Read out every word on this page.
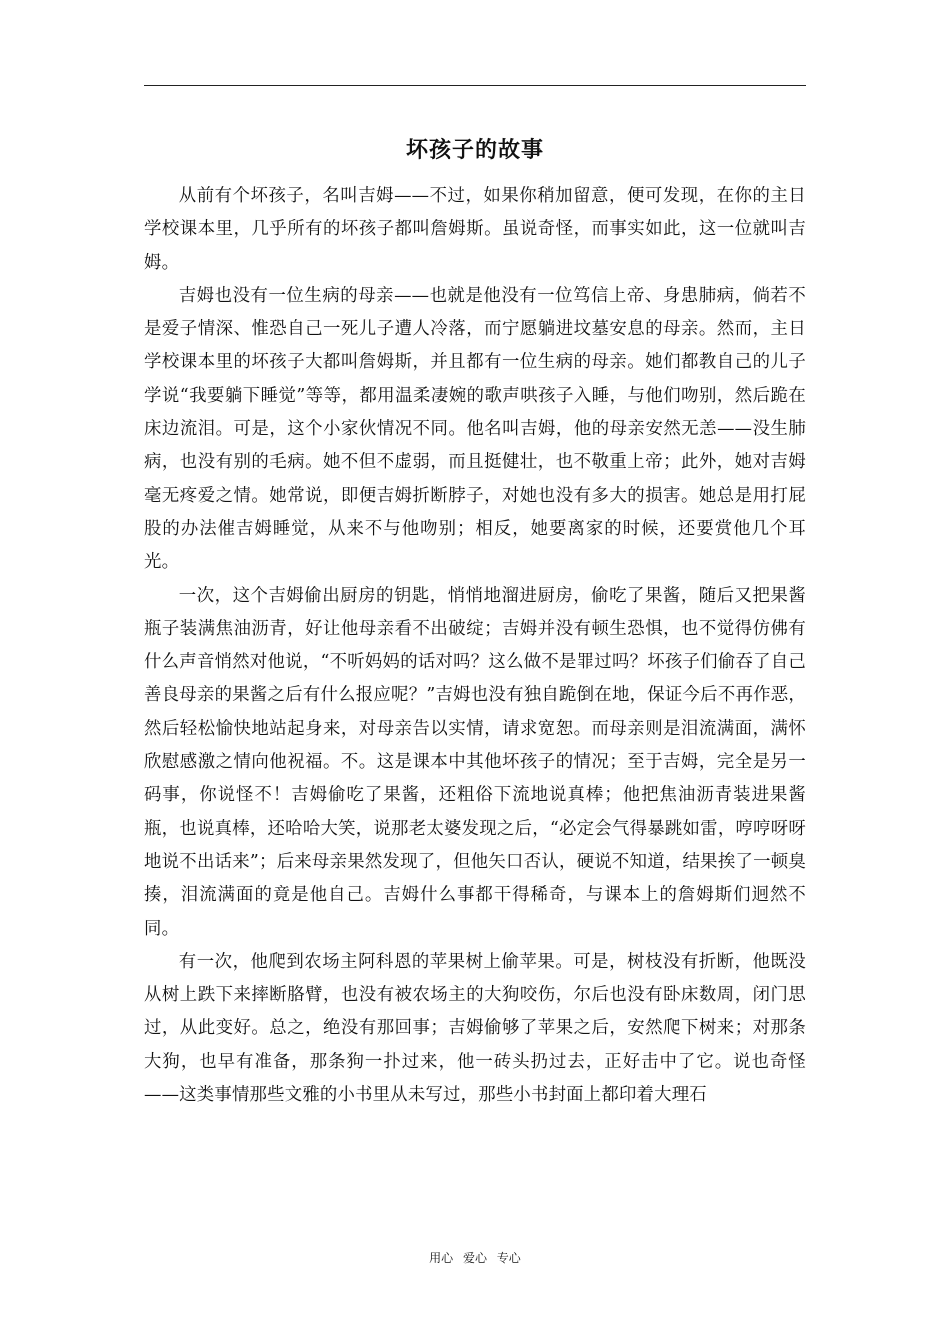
坏孩子的故事

从前有个坏孩子，名叫吉姆——不过，如果你稍加留意，便可发现，在你的主日学校课本里，几乎所有的坏孩子都叫詹姆斯。虽说奇怪，而事实如此，这一位就叫吉姆。

吉姆也没有一位生病的母亲——也就是他没有一位笃信上帝、身患肺病，倘若不是爱子情深、惟恐自己一死儿子遭人冷落，而宁愿躺进坟墓安息的母亲。然而，主日学校课本里的坏孩子大都叫詹姆斯，并且都有一位生病的母亲。她们都教自己的儿子学说“我要躺下睡觉”等等，都用温柔凄婉的歌声哄孩子入睡，与他们吻别，然后跪在床边流泪。可是，这个小家伙情况不同。他名叫吉姆，他的母亲安然无恙——没生肺病，也没有别的毛病。她不但不虚弱，而且挺健壮，也不敬重上帝；此外，她对吉姆毫无疼爱之情。她常说，即便吉姆折断脖子，对她也没有多大的损害。她总是用打屁股的办法催吉姆睡觉，从来不与他吻别；相反，她要离家的时候，还要赏他几个耳光。

一次，这个吉姆偷出厨房的钥匙，悄悄地溜进厨房，偷吃了果酱，随后又把果酱瓶子装满焦油沥青，好让他母亲看不出破绽；吉姆并没有顿生恐惧，也不觉得仿佛有什么声音悄然对他说，“不听妈妈的话对吗？这么做不是罪过吗？坏孩子们偷吞了自己善良母亲的果酱之后有什么报应呢？”吉姆也没有独自跪倒在地，保证今后不再作恶，然后轻松愉快地站起身来，对母亲告以实情，请求宽恕。而母亲则是泪流满面，满怀欣慰感激之情向他祝福。不。这是课本中其他坏孩子的情况；至于吉姆，完全是另一码事，你说怪不！吉姆偷吃了果酱，还粗俗下流地说真棒；他把焦油沥青装进果酱瓶，也说真棒，还哈哈大笑，说那老太婆发现之后，“必定会气得暴跳如雷，哼哼呀呀地说不出话来”；后来母亲果然发现了，但他矢口否认，硬说不知道，结果挨了一顿臭揍，泪流满面的竟是他自己。吉姆什么事都干得稀奇，与课本上的詹姆斯们迥然不同。

有一次，他爬到农场主阿科恩的苹果树上偷苹果。可是，树枝没有折断，他既没从树上跌下来摔断胳臂，也没有被农场主的大狗咬伤，尔后也没有卧床数周，闭门思过，从此变好。总之，绝没有那回事；吉姆偷够了苹果之后，安然爬下树来；对那条大狗，也早有准备，那条狗一扑过来，他一砖头扔过去，正好击中了它。说也奇怪——这类事情那些文雅的小书里从未写过，那些小书封面上都印着大理石

用心 爱心 专心
